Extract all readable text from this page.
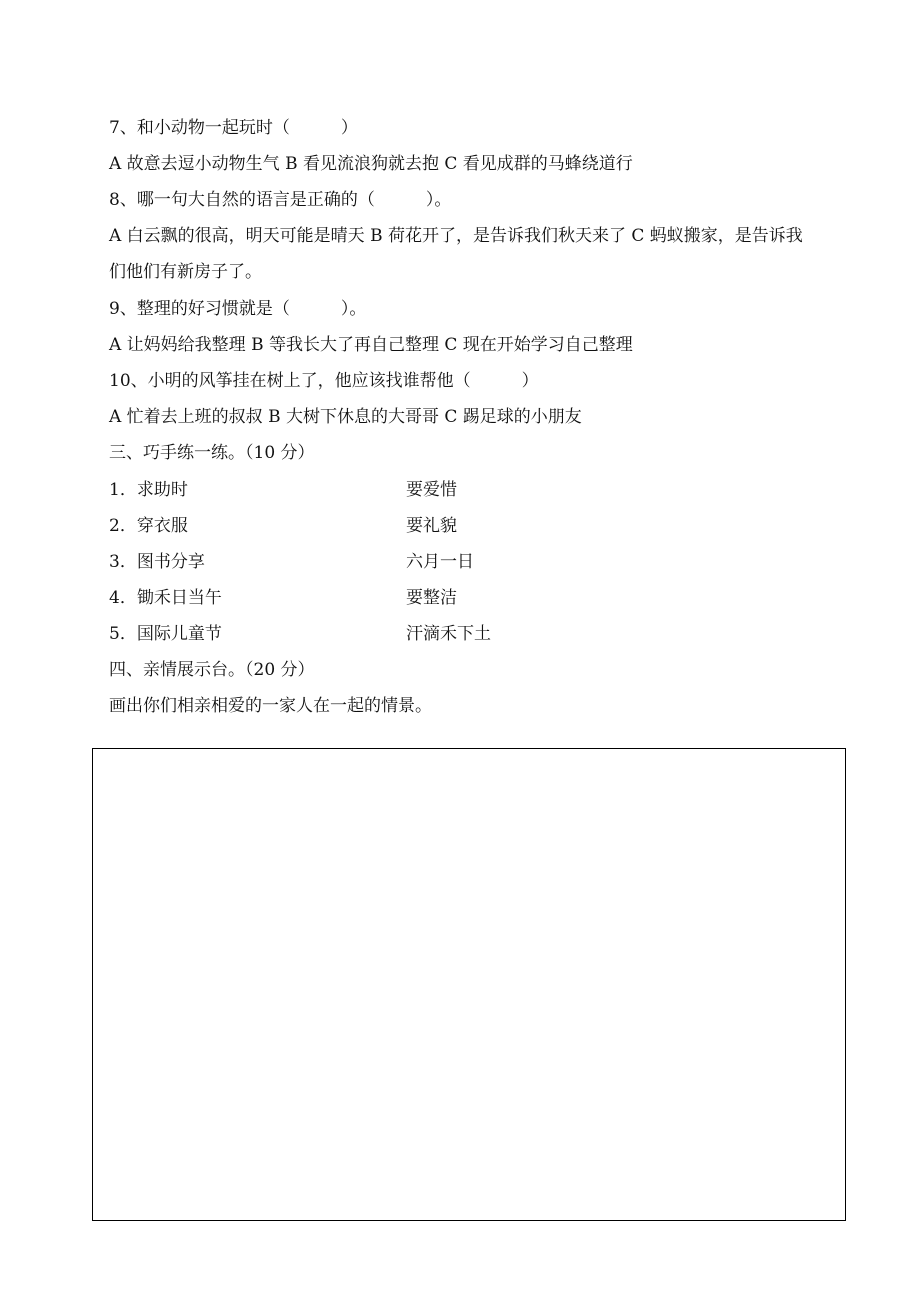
7、和小动物一起玩时（　　　）
A 故意去逗小动物生气 B 看见流浪狗就去抱 C 看见成群的马蜂绕道行
8、哪一句大自然的语言是正确的（　　　）。
A 白云飘的很高，明天可能是晴天 B 荷花开了，是告诉我们秋天来了 C 蚂蚁搬家，是告诉我们他们有新房子了。
9、整理的好习惯就是（　　　）。
A 让妈妈给我整理 B 等我长大了再自己整理 C 现在开始学习自己整理
10、小明的风筝挂在树上了，他应该找谁帮他（　　　）
A 忙着去上班的叔叔 B 大树下休息的大哥哥 C 踢足球的小朋友
三、巧手练一练。（10 分）
1．求助时	要爱惜
2．穿衣服	要礼貌
3．图书分享	六月一日
4．锄禾日当午	要整洁
5．国际儿童节	汗滴禾下土
四、亲情展示台。（20 分）
画出你们相亲相爱的一家人在一起的情景。
